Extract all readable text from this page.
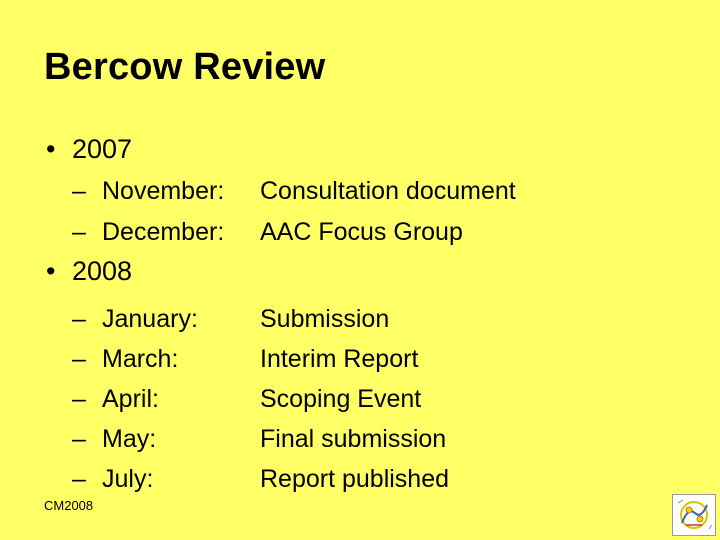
Bercow Review
• 2007
– November: Consultation document
– December: AAC Focus Group
• 2008
– January: Submission
– March:	Interim Report
– April:	Scoping Event
– May:	Final submission
– July:	Report published
CM2008
